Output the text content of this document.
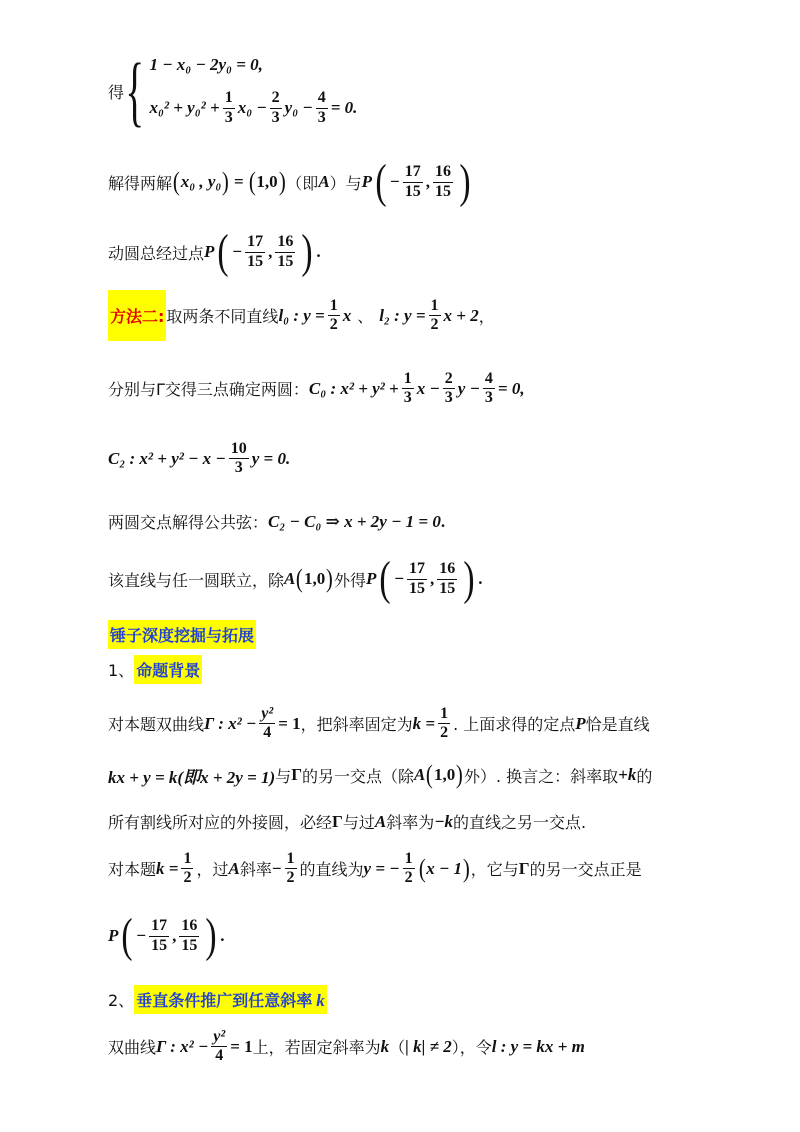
得 { 1 − x₀ − 2y₀ = 0,
$x_0^2 + y_0^2 + \frac{1}{3} x_0 - \frac{2}{3} y_0 - \frac{4}{3} = 0$.
解得两解 ( x₀ , y₀ ) = ( 1,0 ) （即 A ）与 P ( − $\frac{17}{15}$ , $\frac{16}{15}$ )
动圆总经过点 P ( − $\frac{17}{15}$ , $\frac{16}{15}$ ) .
方法二: 取两条不同直线 l₀ : $y = \frac{1}{2}$ x 、 l₂ : $y = \frac{1}{2}$ x + 2 ，
分别与Γ交得三点确定两圆： C₀ : $x^2 + y^2 + \frac{1}{3}$ $x - \frac{2}{3}$ $y - \frac{4}{3} = 0$,
C₂ : $x^2 + y^2 - x - \frac{10}{3}$ y = 0.
两圆交点解得公共弦： C₂ − C₀ ⇒ x + 2y − 1 = 0 .
该直线与任一圆联立，除 A ( 1,0 ) 外得 P ( − $\frac{17}{15}$ , $\frac{16}{15}$ ) .
锤子深度挖掘与拓展
1、 命题背景
对本题双曲线 Γ : $x^2 - \frac{\text{y²}}{4} = 1$ ，把斜率固定为 $k = \frac{1}{2}$ . 上面求得的定点 P 恰是直线
kx + y = k(即x + 2y = 1) 与 Γ 的另一交点（除 A ( 1,0 ) 外）. 换言之：斜率取 +k 的
所有割线所对应的外接圆，必经 Γ 与过 A 斜率为 −k 的直线之另一交点.
对本题 $k = \frac{1}{2}$ ，过 A 斜率 − $\frac{1}{2}$ 的直线为 y = − $\frac{1}{2}$ ( x − 1 ) ，它与 Γ 的另一交点正是
P ( − $\frac{17}{15}$ , $\frac{16}{15}$ ) .
2、 垂直条件推广到任意斜率 k
双曲线 Γ : $x^2 - \frac{\text{y²}}{4} = 1$ 上，若固定斜率为 k （ | k| ≠ 2 ），令 l : y = kx + m
